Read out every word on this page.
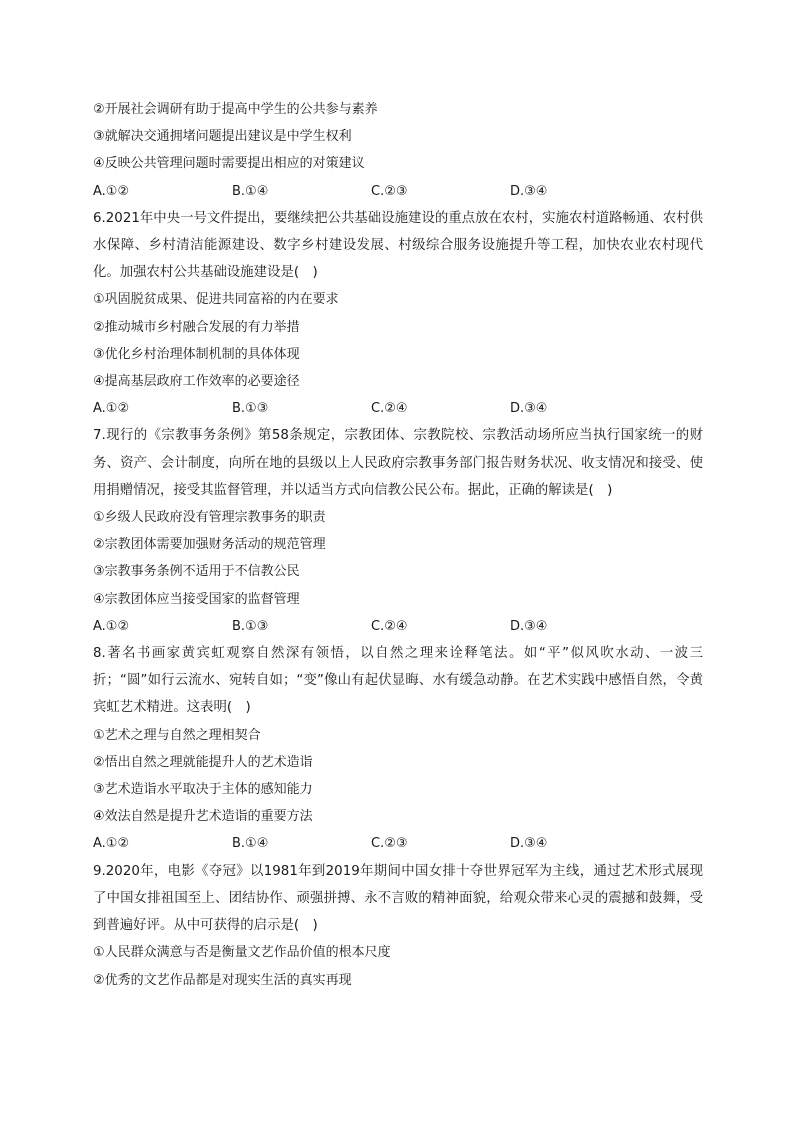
②开展社会调研有助于提高中学生的公共参与素养
③就解决交通拥堵问题提出建议是中学生权利
④反映公共管理问题时需要提出相应的对策建议
A.①②	B.①④	C.②③	D.③④
6.2021年中央一号文件提出，要继续把公共基础设施建设的重点放在农村，实施农村道路畅通、农村供水保障、乡村清洁能源建设、数字乡村建设发展、村级综合服务设施提升等工程，加快农业农村现代化。加强农村公共基础设施建设是(　)
①巩固脱贫成果、促进共同富裕的内在要求
②推动城市乡村融合发展的有力举措
③优化乡村治理体制机制的具体体现
④提高基层政府工作效率的必要途径
A.①②	B.①③	C.②④	D.③④
7.现行的《宗教事务条例》第58条规定，宗教团体、宗教院校、宗教活动场所应当执行国家统一的财务、资产、会计制度，向所在地的县级以上人民政府宗教事务部门报告财务状况、收支情况和接受、使用捐赠情况，接受其监督管理，并以适当方式向信教公民公布。据此，正确的解读是(　)
①乡级人民政府没有管理宗教事务的职责
②宗教团体需要加强财务活动的规范管理
③宗教事务条例不适用于不信教公民
④宗教团体应当接受国家的监督管理
A.①②	B.①③	C.②④	D.③④
8.著名书画家黄宾虹观察自然深有领悟，以自然之理来诠释笔法。如“平”似风吹水动、一波三折；“圆”如行云流水、宛转自如；“变”像山有起伏显晦、水有缓急动静。在艺术实践中感悟自然，令黄宾虹艺术精进。这表明(　)
①艺术之理与自然之理相契合
②悟出自然之理就能提升人的艺术造诣
③艺术造诣水平取决于主体的感知能力
④效法自然是提升艺术造诣的重要方法
A.①②	B.①④	C.②③	D.③④
9.2020年，电影《夺冠》以1981年到2019年期间中国女排十夺世界冠军为主线，通过艺术形式展现了中国女排祖国至上、团结协作、顽强拼搏、永不言败的精神面貌，给观众带来心灵的震撼和鼓舞，受到普遍好评。从中可获得的启示是(　)
①人民群众满意与否是衡量文艺作品价值的根本尺度
②优秀的文艺作品都是对现实生活的真实再现
